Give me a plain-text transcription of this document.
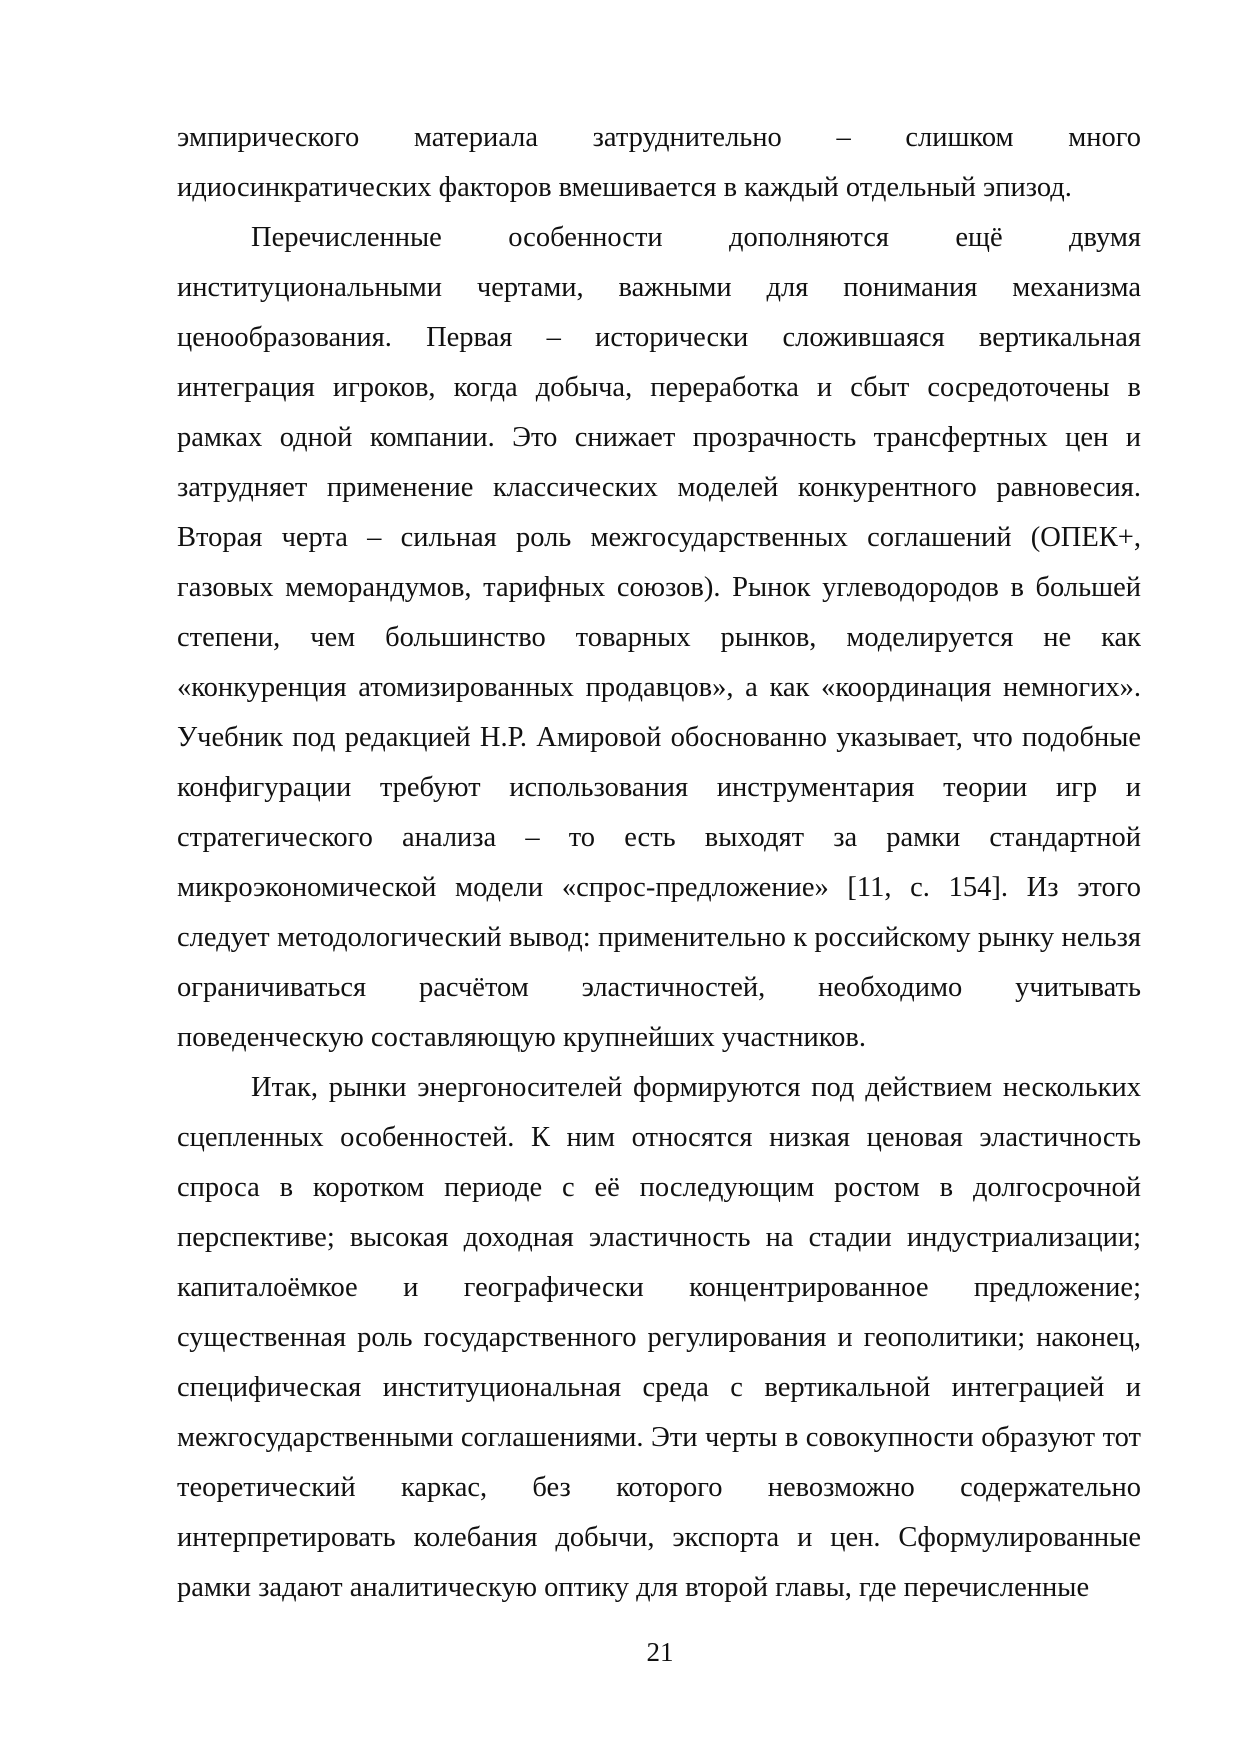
эмпирического материала затруднительно – слишком много идиосинкратических факторов вмешивается в каждый отдельный эпизод.

Перечисленные особенности дополняются ещё двумя институциональными чертами, важными для понимания механизма ценообразования. Первая – исторически сложившаяся вертикальная интеграция игроков, когда добыча, переработка и сбыт сосредоточены в рамках одной компании. Это снижает прозрачность трансфертных цен и затрудняет применение классических моделей конкурентного равновесия. Вторая черта – сильная роль межгосударственных соглашений (ОПЕК+, газовых меморандумов, тарифных союзов). Рынок углеводородов в большей степени, чем большинство товарных рынков, моделируется не как «конкуренция атомизированных продавцов», а как «координация немногих». Учебник под редакцией Н.Р. Амировой обоснованно указывает, что подобные конфигурации требуют использования инструментария теории игр и стратегического анализа – то есть выходят за рамки стандартной микроэкономической модели «спрос-предложение» [11, с. 154]. Из этого следует методологический вывод: применительно к российскому рынку нельзя ограничиваться расчётом эластичностей, необходимо учитывать поведенческую составляющую крупнейших участников.

Итак, рынки энергоносителей формируются под действием нескольких сцепленных особенностей. К ним относятся низкая ценовая эластичность спроса в коротком периоде с её последующим ростом в долгосрочной перспективе; высокая доходная эластичность на стадии индустриализации; капиталоёмкое и географически концентрированное предложение; существенная роль государственного регулирования и геополитики; наконец, специфическая институциональная среда с вертикальной интеграцией и межгосударственными соглашениями. Эти черты в совокупности образуют тот теоретический каркас, без которого невозможно содержательно интерпретировать колебания добычи, экспорта и цен. Сформулированные рамки задают аналитическую оптику для второй главы, где перечисленные

21
